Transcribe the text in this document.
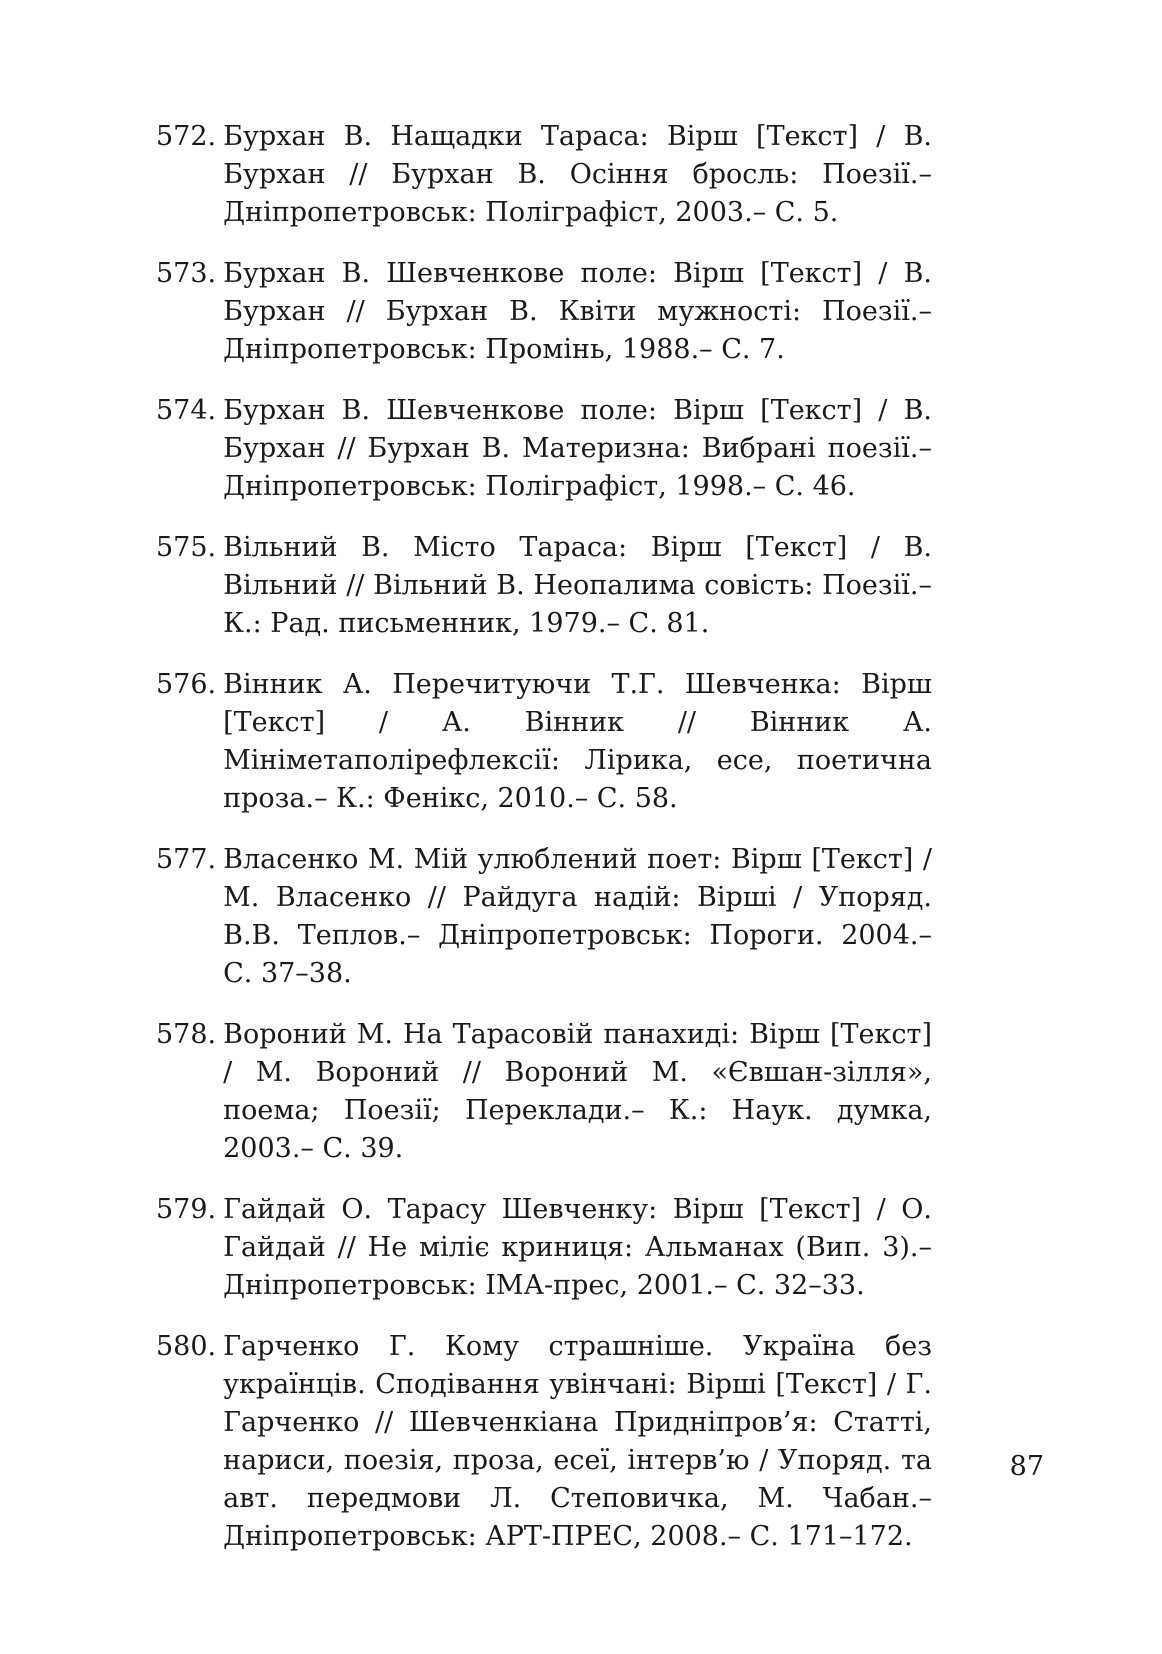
572. Бурхан В. Нащадки Тараса: Вірш [Текст] / В. Бурхан // Бурхан В. Осіння бросль: Поезії.– Дніпропетровськ: Поліграфіст, 2003.– С. 5.
573. Бурхан В. Шевченкове поле: Вірш [Текст] / В. Бурхан // Бурхан В. Квіти мужності: Поезії.– Дніпропетровськ: Промінь, 1988.– С. 7.
574. Бурхан В. Шевченкове поле: Вірш [Текст] / В. Бурхан // Бурхан В. Материзна: Вибрані поезії.– Дніпропетровськ: Поліграфіст, 1998.– С. 46.
575. Вільний В. Місто Тараса: Вірш [Текст] / В. Вільний // Вільний В. Неопалима совість: Поезії.– К.: Рад. письменник, 1979.– С. 81.
576. Вінник А. Перечитуючи Т.Г. Шевченка: Вірш [Текст] / А. Вінник // Вінник А. Мініметаполірефлексії: Лірика, есе, поетична проза.– К.: Фенікс, 2010.– С. 58.
577. Власенко М. Мій улюблений поет: Вірш [Текст] / М. Власенко // Райдуга надій: Вірші / Упоряд. В.В. Теплов.– Дніпропетровськ: Пороги. 2004.– С. 37–38.
578. Вороний М. На Тарасовій панахиді: Вірш [Текст] / М. Вороний // Вороний М. «Євшан-зілля», поема; Поезії; Переклади.– К.: Наук. думка, 2003.– С. 39.
579. Гайдай О. Тарасу Шевченку: Вірш [Текст] / О. Гайдай // Не міліє криниця: Альманах (Вип. 3).– Дніпропетровськ: ІМА-прес, 2001.– С. 32–33.
580. Гарченко Г. Кому страшніше. Україна без українців. Сподівання увінчані: Вірші [Текст] / Г. Гарченко // Шевченкіана Придніпров’я: Статті, нариси, поезія, проза, есеї, інтерв’ю / Упоряд. та авт. передмови Л. Степовичка, М. Чабан.– Дніпропетровськ: АРТ-ПРЕС, 2008.– С. 171–172.
87
